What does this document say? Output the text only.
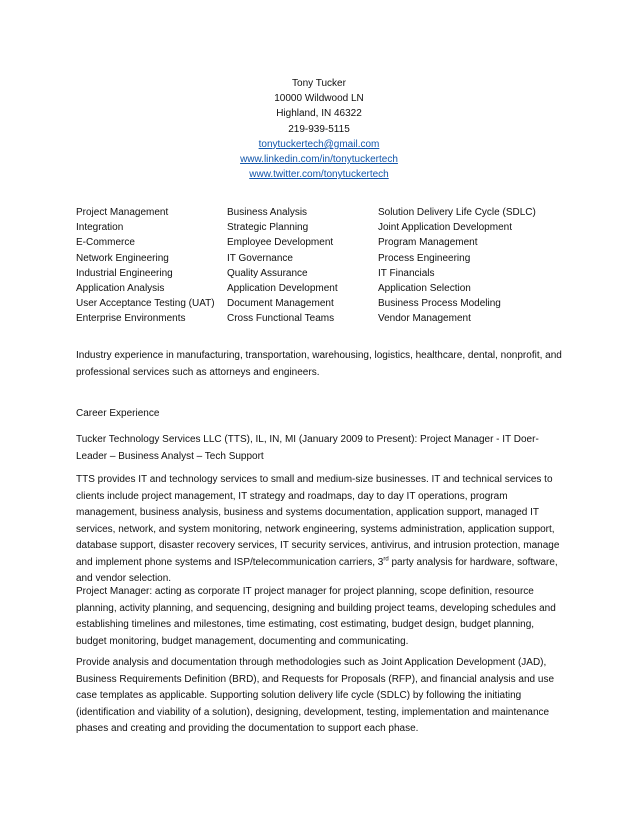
Tony Tucker
10000 Wildwood LN
Highland, IN 46322
219-939-5115
tonytuckertech@gmail.com
www.linkedin.com/in/tonytuckertech
www.twitter.com/tonytuckertech
Project Management	Business Analysis	Solution Delivery Life Cycle (SDLC)
Integration	Strategic Planning	Joint Application Development
E-Commerce	Employee Development	Program Management
Network Engineering	IT Governance	Process Engineering
Industrial Engineering	Quality Assurance	IT Financials
Application Analysis	Application Development	Application Selection
User Acceptance Testing (UAT)	Document Management	Business Process Modeling
Enterprise Environments	Cross Functional Teams	Vendor Management

Industry experience in manufacturing, transportation, warehousing, logistics, healthcare, dental, nonprofit, and professional services such as attorneys and engineers.

Career Experience

Tucker Technology Services LLC (TTS), IL, IN, MI (January 2009 to Present): Project Manager - IT Doer-Leader – Business Analyst – Tech Support

TTS provides IT and technology services to small and medium-size businesses. IT and technical services to clients include project management, IT strategy and roadmaps, day to day IT operations, program management, business analysis, business and systems documentation, application support, managed IT services, network, and system monitoring, network engineering, systems administration, application support, database support, disaster recovery services, IT security services, antivirus, and intrusion protection, manage and implement phone systems and ISP/telecommunication carriers, 3rd party analysis for hardware, software, and vendor selection.

Project Manager: acting as corporate IT project manager for project planning, scope definition, resource planning, activity planning, and sequencing, designing and building project teams, developing schedules and establishing timelines and milestones, time estimating, cost estimating, budget design, budget planning, budget monitoring, budget management, documenting and communicating.

Provide analysis and documentation through methodologies such as Joint Application Development (JAD), Business Requirements Definition (BRD), and Requests for Proposals (RFP), and financial analysis and use case templates as applicable. Supporting solution delivery life cycle (SDLC) by following the initiating (identification and viability of a solution), designing, development, testing, implementation and maintenance phases and creating and providing the documentation to support each phase.
